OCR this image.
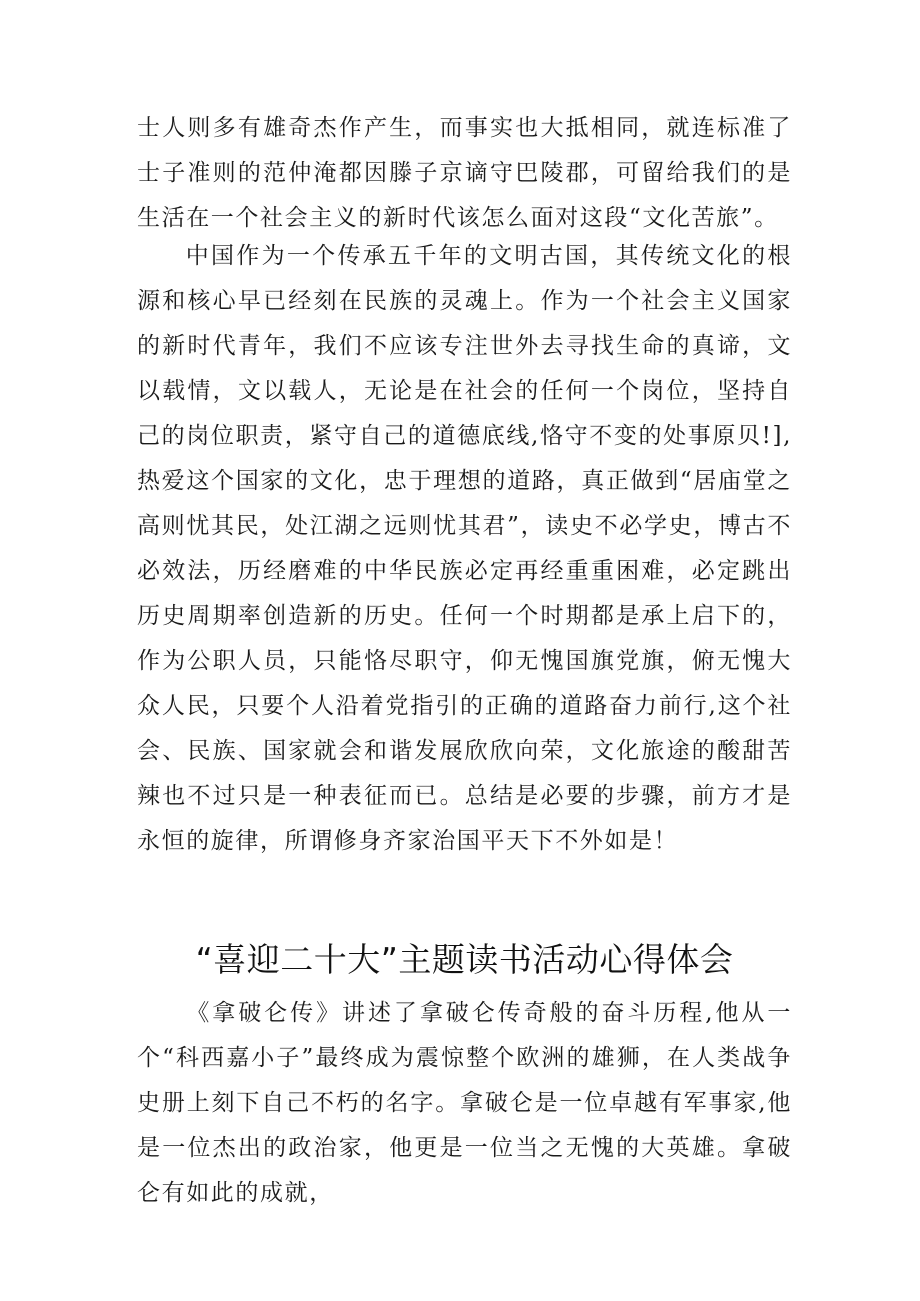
士人则多有雄奇杰作产生，而事实也大抵相同，就连标准了士子准则的范仲淹都因滕子京谪守巴陵郡，可留给我们的是生活在一个社会主义的新时代该怎么面对这段“文化苦旅”。

中国作为一个传承五千年的文明古国，其传统文化的根源和核心早已经刻在民族的灵魂上。作为一个社会主义国家的新时代青年，我们不应该专注世外去寻找生命的真谛，文以载情，文以载人，无论是在社会的任何一个岗位，坚持自己的岗位职责，紧守自己的道德底线,恪守不变的处事原贝!],热爱这个国家的文化，忠于理想的道路，真正做到“居庙堂之高则忧其民，处江湖之远则忧其君”，读史不必学史，博古不必效法，历经磨难的中华民族必定再经重重困难，必定跳出历史周期率创造新的历史。任何一个时期都是承上启下的，作为公职人员，只能恪尽职守，仰无愧国旗党旗，俯无愧大众人民，只要个人沿着党指引的正确的道路奋力前行,这个社会、民族、国家就会和谐发展欣欣向荣，文化旅途的酸甜苦辣也不过只是一种表征而已。总结是必要的步骤，前方才是永恒的旋律，所谓修身齐家治国平天下不外如是！

“喜迎二十大”主题读书活动心得体会

《拿破仑传》讲述了拿破仑传奇般的奋斗历程,他从一个“科西嘉小子”最终成为震惊整个欧洲的雄狮，在人类战争史册上刻下自己不朽的名字。拿破仑是一位卓越有军事家,他是一位杰出的政治家，他更是一位当之无愧的大英雄。拿破仑有如此的成就，
